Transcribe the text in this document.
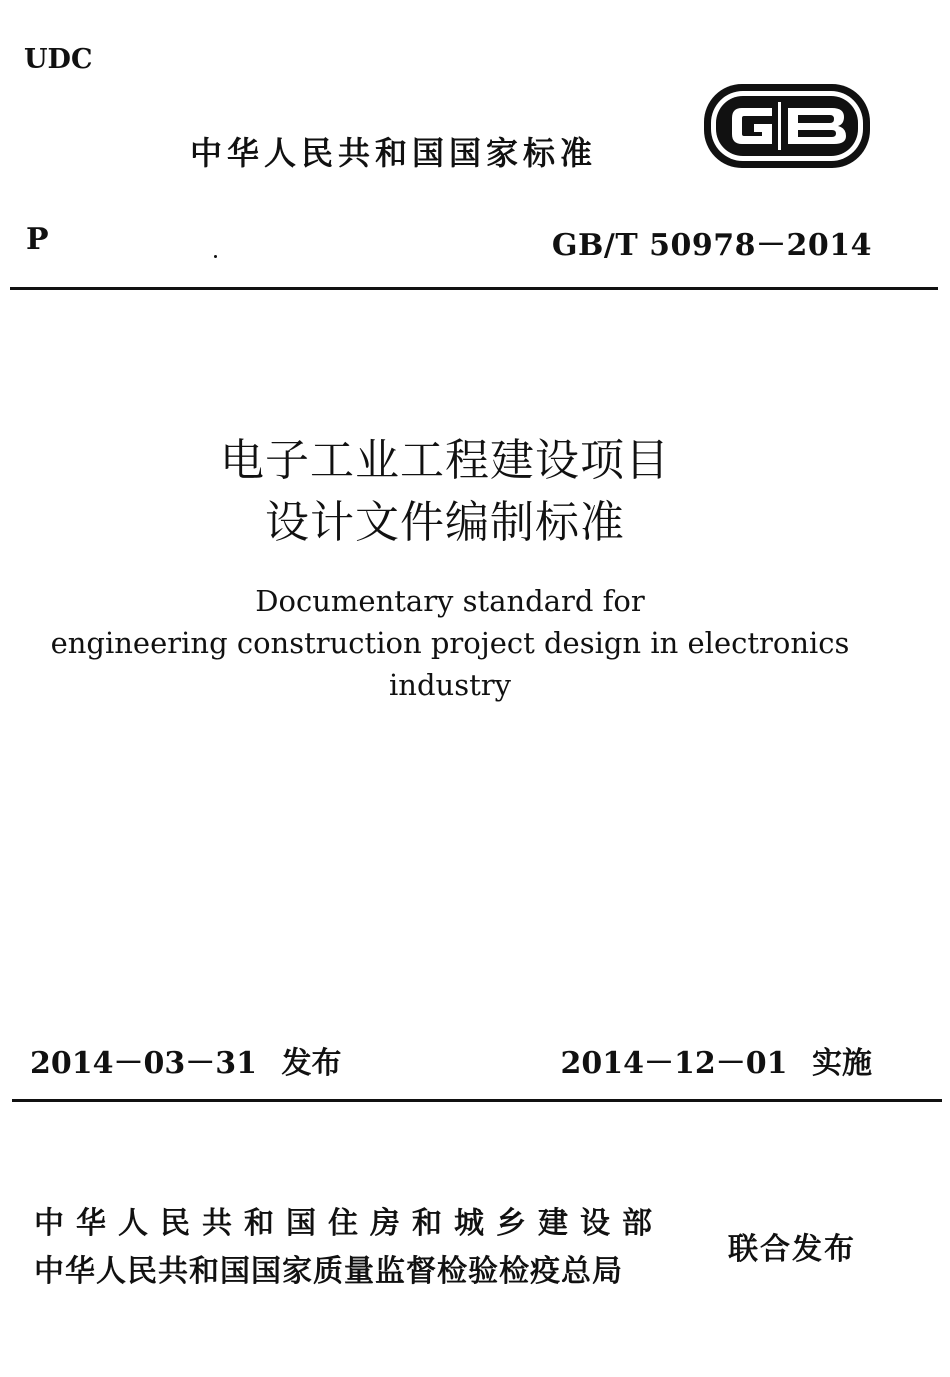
UDC
中华人民共和国国家标准
P	GB/T 50978－2014
电子工业工程建设项目
设计文件编制标准
Documentary standard for
engineering construction project design in electronics industry
2014－03－31 发布	2014－12－01 实施
中华人民共和国住房和城乡建设部
中华人民共和国国家质量监督检验检疫总局
联合发布
